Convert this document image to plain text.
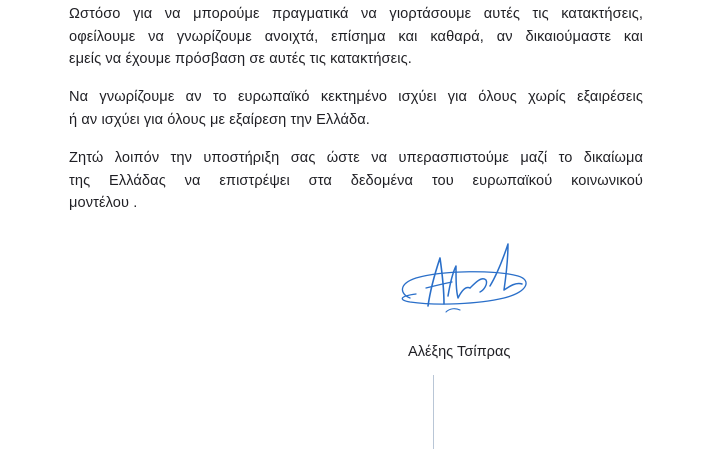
Ωστόσο για να μπορούμε πραγματικά να γιορτάσουμε αυτές τις κατακτήσεις,
οφείλουμε να γνωρίζουμε ανοιχτά, επίσημα και καθαρά, αν δικαιούμαστε και
εμείς να έχουμε πρόσβαση σε αυτές τις κατακτήσεις.

Να γνωρίζουμε αν το ευρωπαϊκό κεκτημένο ισχύει για όλους χωρίς εξαιρέσεις
ή αν ισχύει για όλους με εξαίρεση την Ελλάδα.

Ζητώ λοιπόν την υποστήριξη σας ώστε να υπερασπιστούμε μαζί το δικαίωμα
της Ελλάδας να επιστρέψει στα δεδομένα του ευρωπαϊκού κοινωνικού
μοντέλου .

Αλέξης Τσίπρας
